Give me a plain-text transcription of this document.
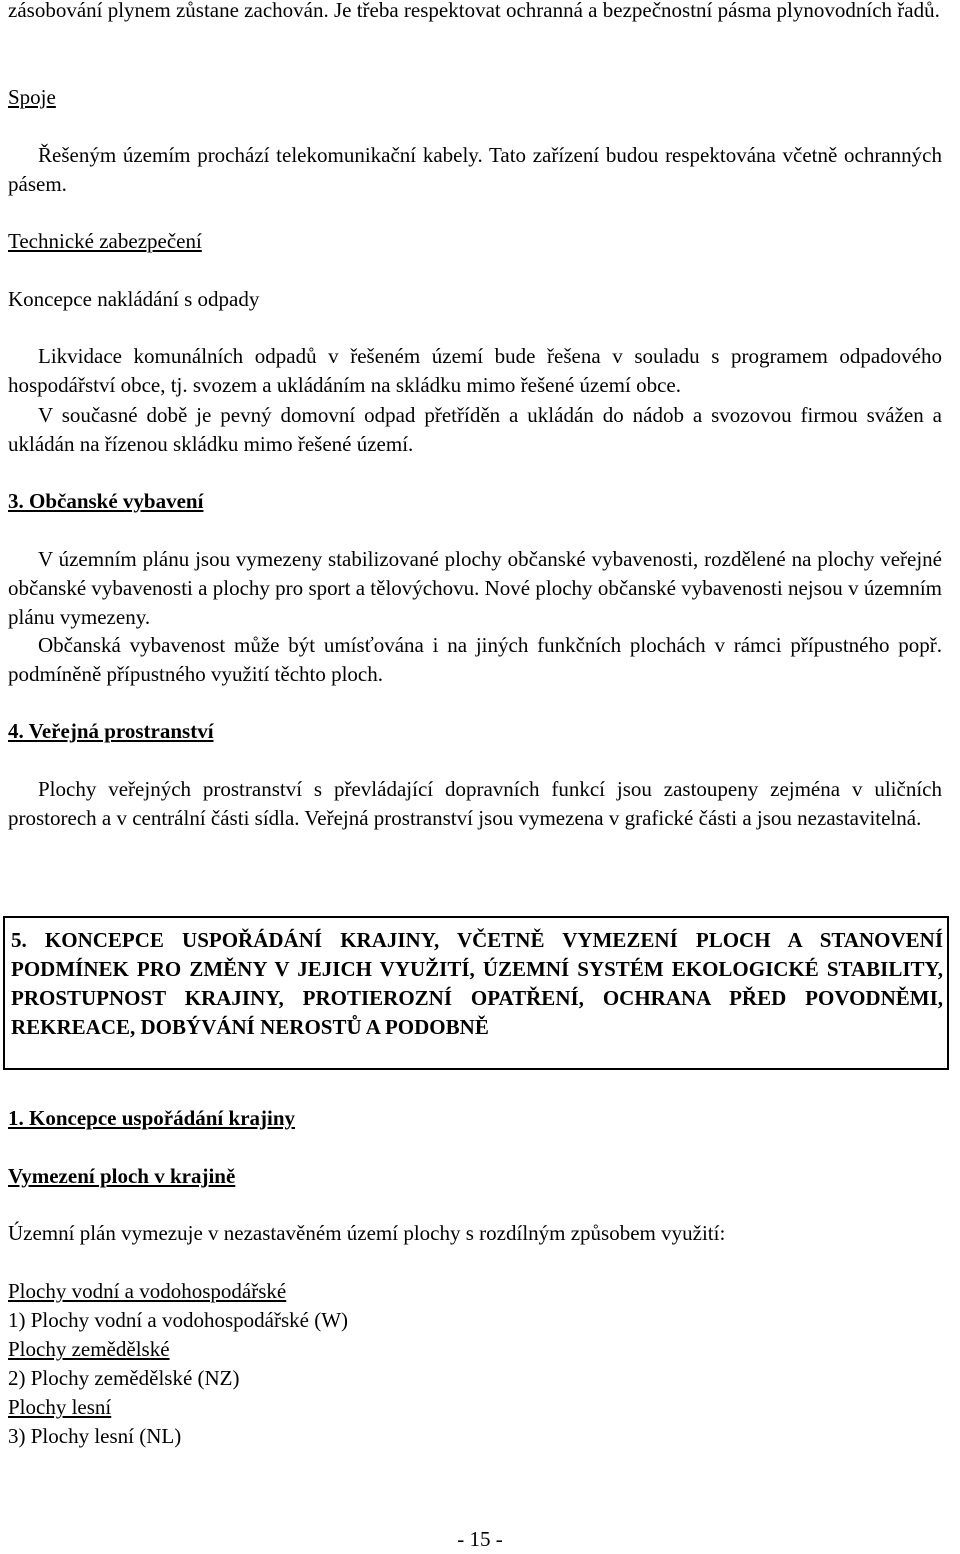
zásobování plynem zůstane zachován. Je třeba respektovat ochranná a bezpečnostní pásma plynovodních řadů.

Spoje

Řešeným územím prochází telekomunikační kabely. Tato zařízení budou respektována včetně ochranných pásem.

Technické zabezpečení

Koncepce nakládání s odpady

Likvidace komunálních odpadů v řešeném území bude řešena v souladu s programem odpadového hospodářství obce, tj. svozem a ukládáním na skládku mimo řešené území obce.

V současné době je pevný domovní odpad přetříděn a ukládán do nádob a svozovou firmou svážen a ukládán na řízenou skládku mimo řešené území.

3. Občanské vybavení

V územním plánu jsou vymezeny stabilizované plochy občanské vybavenosti, rozdělené na plochy veřejné občanské vybavenosti a plochy pro sport a tělovýchovu. Nové plochy občanské vybavenosti nejsou v územním plánu vymezeny.

Občanská vybavenost může být umísťována i na jiných funkčních plochách v rámci přípustného popř. podmíněně přípustného využití těchto ploch.

4. Veřejná prostranství

Plochy veřejných prostranství s převládající dopravních funkcí jsou zastoupeny zejména v uličních prostorech a v centrální části sídla. Veřejná prostranství jsou vymezena v grafické části a jsou nezastavitelná.

5. KONCEPCE USPOŘÁDÁNÍ KRAJINY, VČETNĚ VYMEZENÍ PLOCH A STANOVENÍ PODMÍNEK PRO ZMĚNY V JEJICH VYUŽITÍ, ÚZEMNÍ SYSTÉM EKOLOGICKÉ STABILITY, PROSTUPNOST KRAJINY, PROTIEROZNÍ OPATŘENÍ, OCHRANA PŘED POVODNĚMI, REKREACE, DOBÝVÁNÍ NEROSTŮ A PODOBNĚ

1. Koncepce uspořádání krajiny

Vymezení ploch v krajině

Územní plán vymezuje v nezastavěném území plochy s rozdílným způsobem využití:

Plochy vodní a vodohospodářské

1) Plochy vodní a vodohospodářské (W)

Plochy zemědělské

2) Plochy zemědělské (NZ)

Plochy lesní

3) Plochy lesní (NL)

- 15 -
